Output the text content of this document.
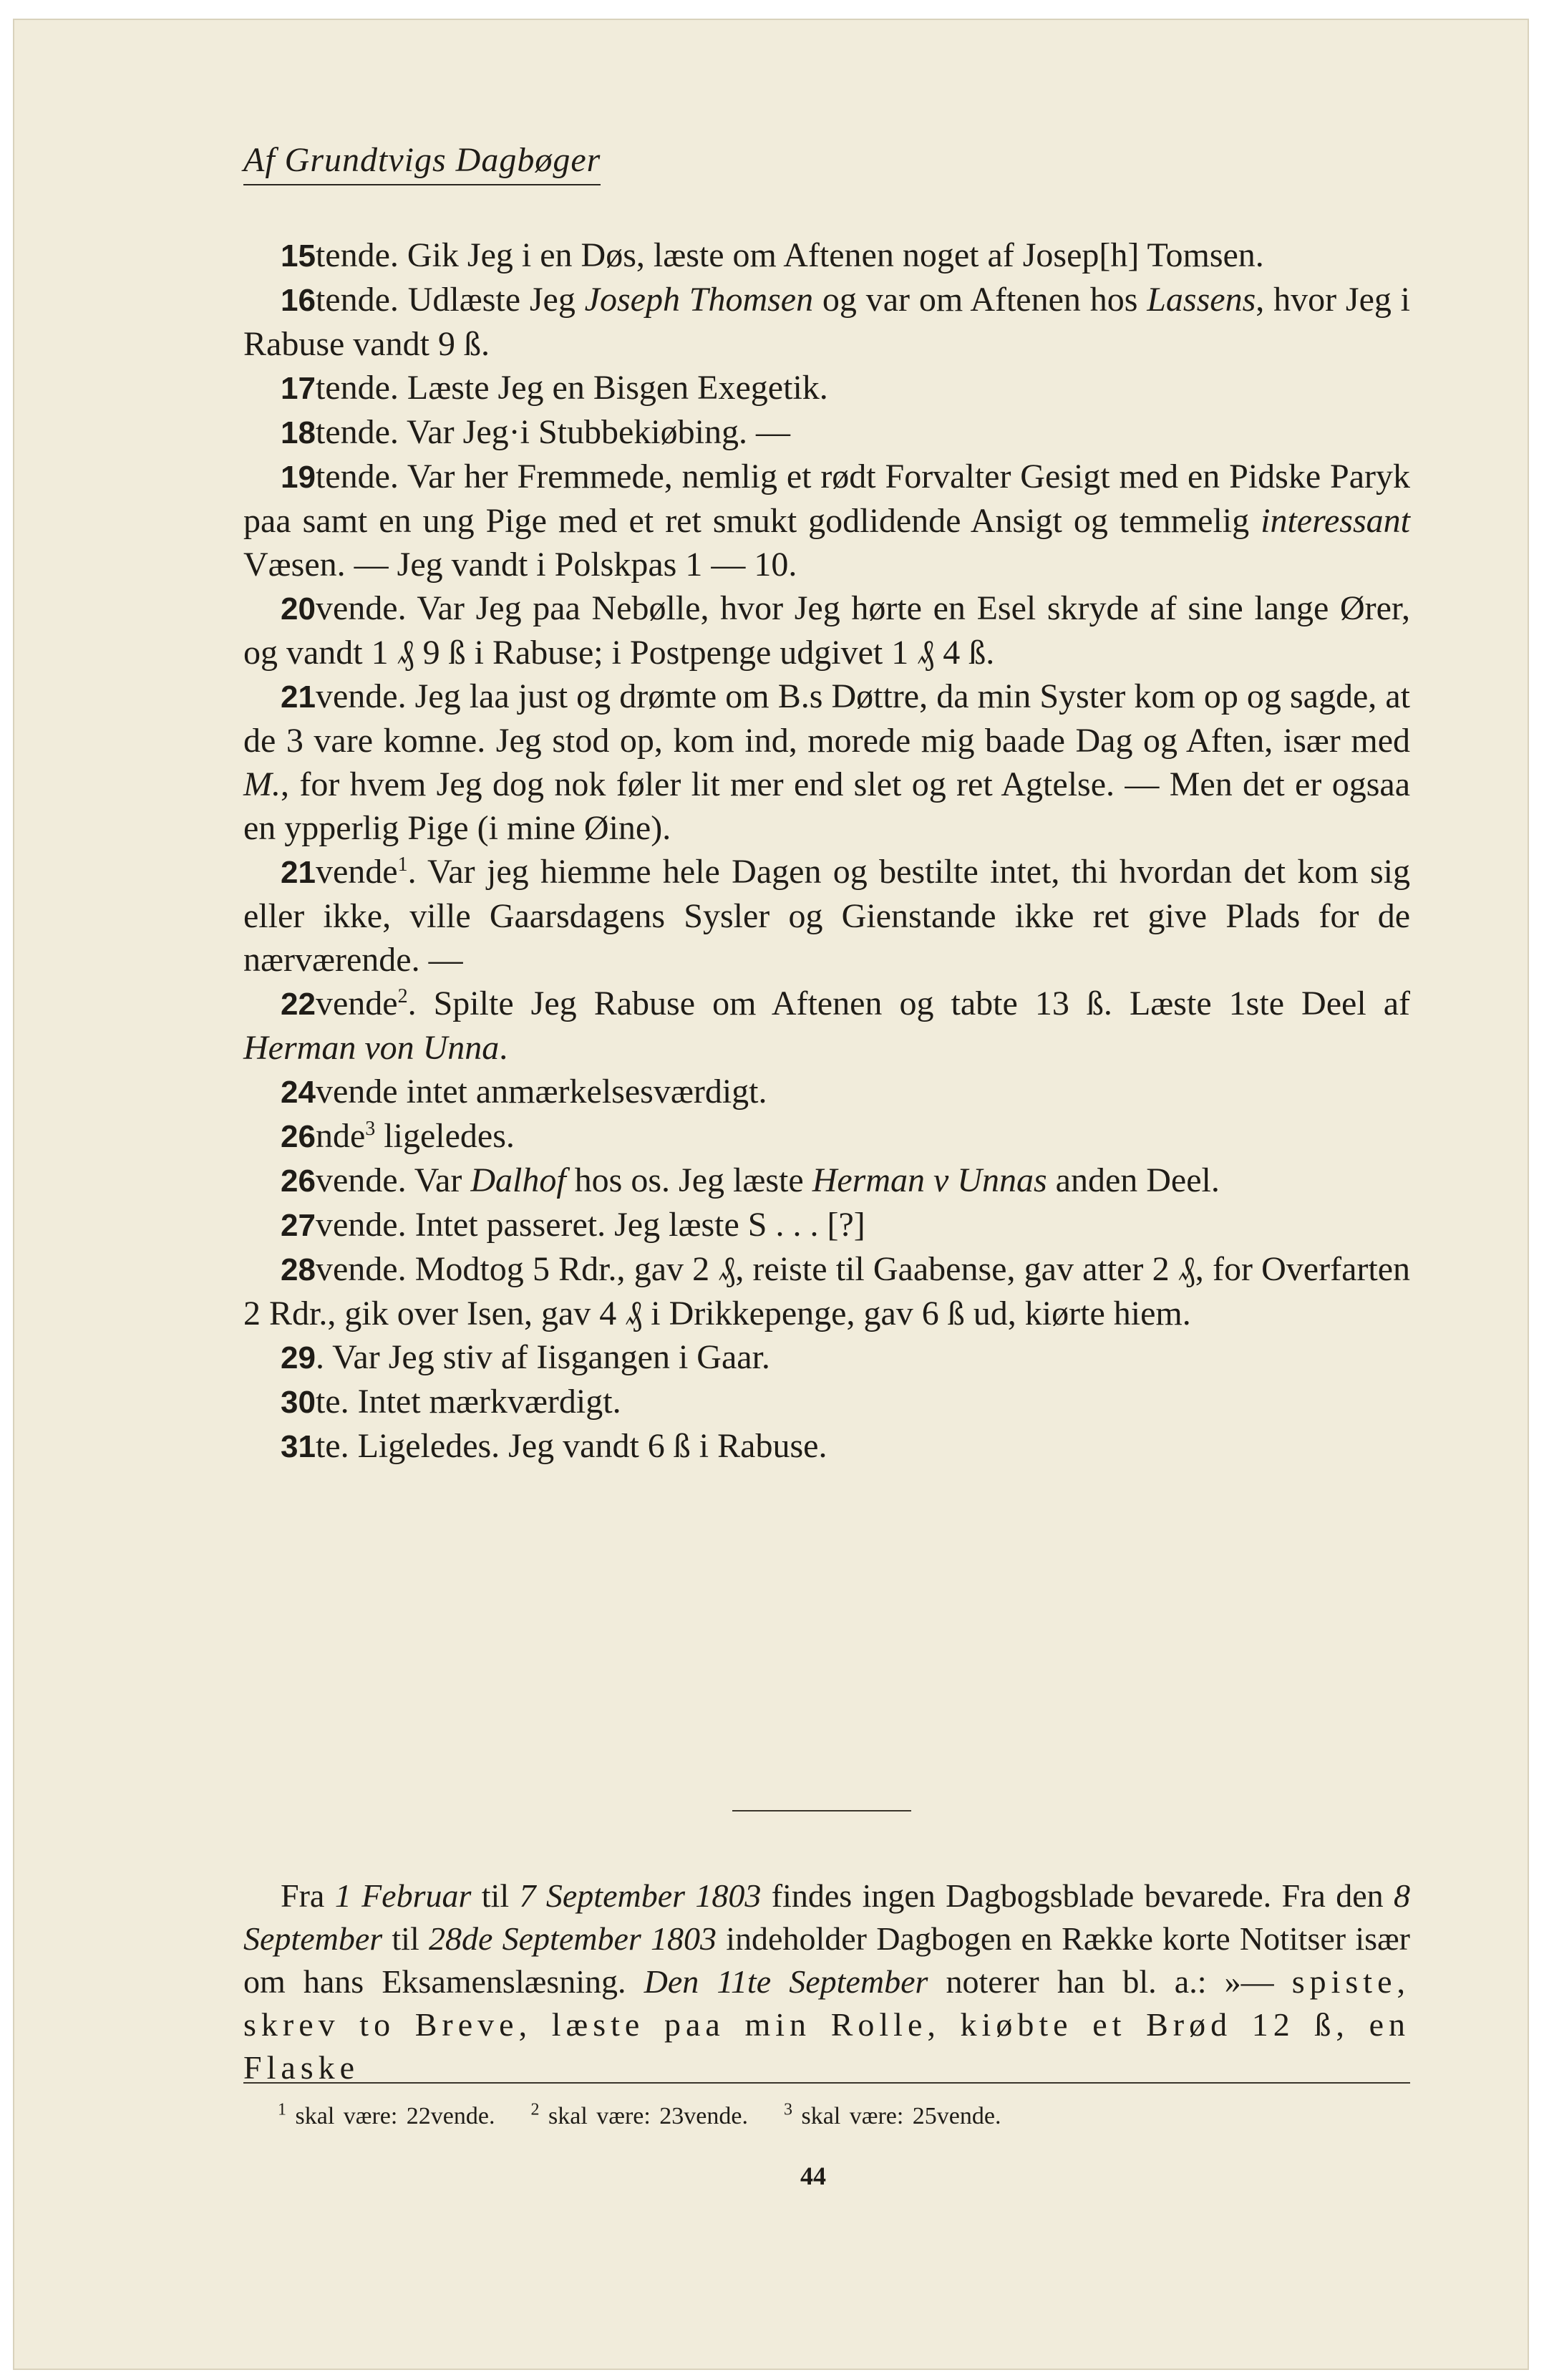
Af Grundtvigs Dagbøger

15tende. Gik Jeg i en Døs, læste om Aftenen noget af Josep[h] Tomsen.

16tende. Udlæste Jeg Joseph Thomsen og var om Aftenen hos Lassens, hvor Jeg i Rabuse vandt 9 ß.

17tende. Læste Jeg en Bisgen Exegetik.

18tende. Var Jeg·i Stubbekiøbing. —

19tende. Var her Fremmede, nemlig et rødt Forvalter Gesigt med en Pidske Paryk paa samt en ung Pige med et ret smukt godlidende Ansigt og temmelig interessant Væsen. — Jeg vandt i Polskpas 1 — 10.

20vende. Var Jeg paa Nebølle, hvor Jeg hørte en Esel skryde af sine lange Ører, og vandt 1 ₰ 9 ß i Rabuse; i Postpenge udgivet 1 ₰ 4 ß.

21vende. Jeg laa just og drømte om B.s Døttre, da min Syster kom op og sagde, at de 3 vare komne. Jeg stod op, kom ind, morede mig baade Dag og Aften, især med M., for hvem Jeg dog nok føler lit mer end slet og ret Agtelse. — Men det er ogsaa en ypperlig Pige (i mine Øine).

21vende$^1$. Var jeg hiemme hele Dagen og bestilte intet, thi hvordan det kom sig eller ikke, ville Gaarsdagens Sysler og Gienstande ikke ret give Plads for de nærværende. —

22vende$^2$. Spilte Jeg Rabuse om Aftenen og tabte 13 ß. Læste 1ste Deel af Herman von Unna.

24vende intet anmærkelsesværdigt.

26nde$^3$ ligeledes.

26vende. Var Dalhof hos os. Jeg læste Herman v Unnas anden Deel.

27vende. Intet passeret. Jeg læste S . . . [?]

28vende. Modtog 5 Rdr., gav 2 ₰, reiste til Gaabense, gav atter 2 ₰, for Overfarten 2 Rdr., gik over Isen, gav 4 ₰ i Drikkepenge, gav 6 ß ud, kiørte hiem.

29. Var Jeg stiv af Iisgangen i Gaar.

30te. Intet mærkværdigt.

31te. Ligeledes. Jeg vandt 6 ß i Rabuse.

Fra 1 Februar til 7 September 1803 findes ingen Dagbogsblade bevarede. Fra den 8 September til 28de September 1803 indeholder Dagbogen en Række korte Notitser især om hans Eksamenslæsning. Den 11te September noterer han bl. a.: »— spiste, skrev to Breve, læste paa min Rolle, kiøbte et Brød 12 ß, en Flaske

$^1$ skal være: 22vende. $^2$ skal være: 23vende. $^3$ skal være: 25vende.
44
